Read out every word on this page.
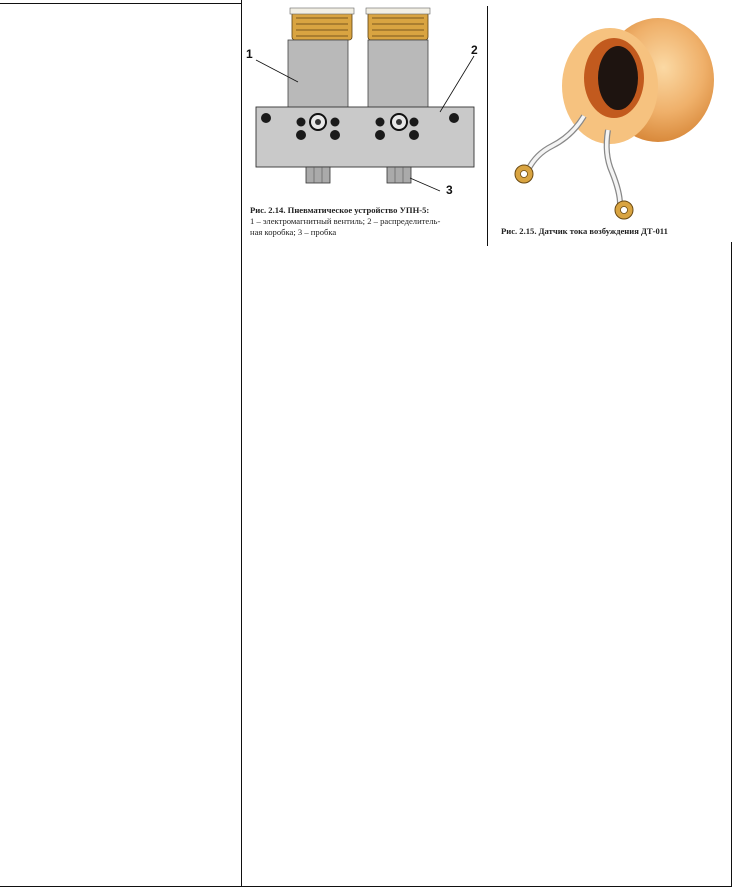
1	2
3
Рис. 2.14. Пневматическое устройство УПН-5:
1 – электромагнитный вентиль; 2 – распределитель-
ная коробка; 3 – пробка	Рис. 2.15. Датчик тока возбуждения ДТ-011
